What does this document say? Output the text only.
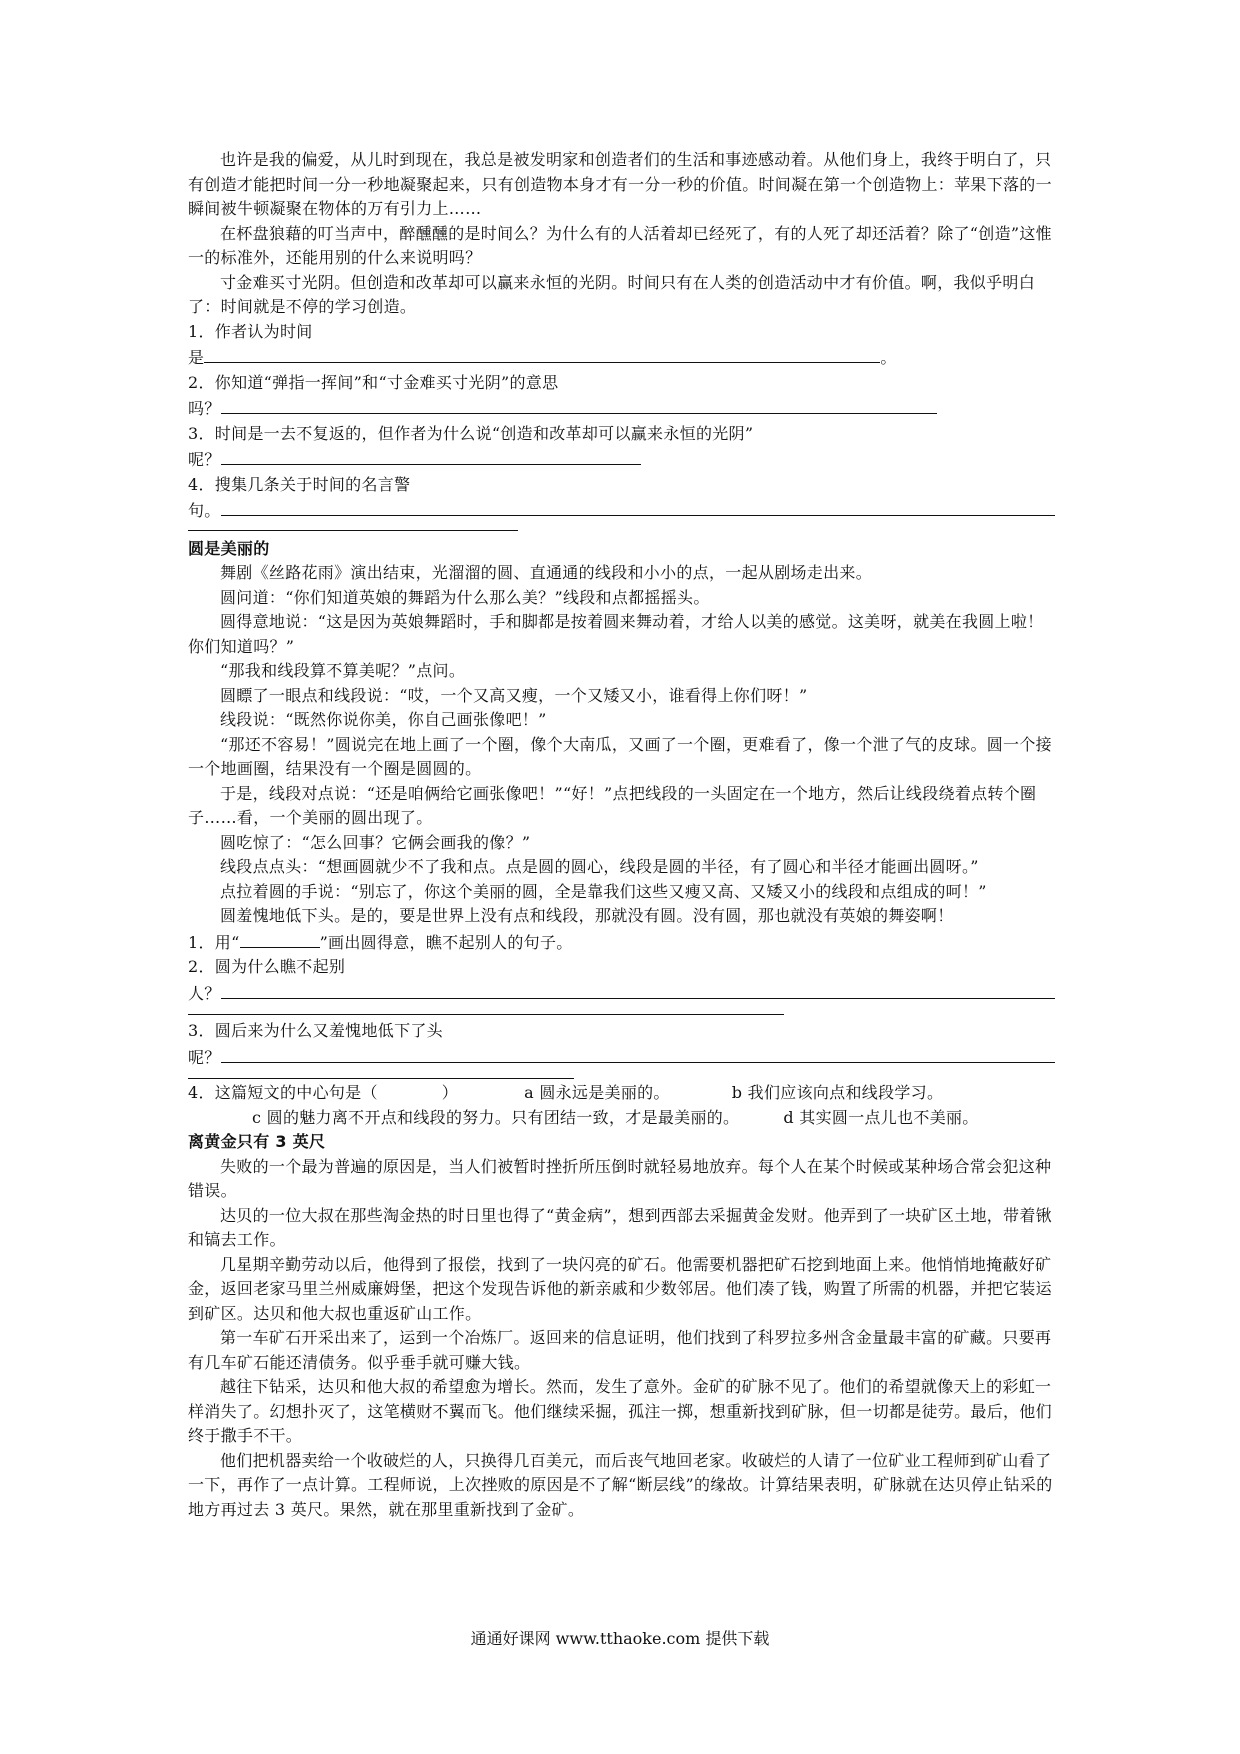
也许是我的偏爱，从儿时到现在，我总是被发明家和创造者们的生活和事迹感动着。从他们身上，我终于明白了，只有创造才能把时间一分一秒地凝聚起来，只有创造物本身才有一分一秒的价值。时间凝在第一个创造物上：苹果下落的一瞬间被牛顿凝聚在物体的万有引力上……

在杯盘狼藉的叮当声中，醉醺醺的是时间么？为什么有的人活着却已经死了，有的人死了却还活着？除了“创造”这惟一的标准外，还能用别的什么来说明吗？

寸金难买寸光阴。但创造和改革却可以赢来永恒的光阴。时间只有在人类的创造活动中才有价值。啊，我似乎明白了：时间就是不停的学习创造。

1．作者认为时间

是	。

2．你知道“弹指一挥间”和“寸金难买寸光阴”的意思

吗？

3．时间是一去不复返的，但作者为什么说“创造和改革却可以赢来永恒的光阴”

呢？

4．搜集几条关于时间的名言警

句。

圆是美丽的

舞剧《丝路花雨》演出结束，光溜溜的圆、直通通的线段和小小的点，一起从剧场走出来。

圆问道：“你们知道英娘的舞蹈为什么那么美？”线段和点都摇摇头。

圆得意地说：“这是因为英娘舞蹈时，手和脚都是按着圆来舞动着，才给人以美的感觉。这美呀，就美在我圆上啦！你们知道吗？”

“那我和线段算不算美呢？”点问。

圆瞟了一眼点和线段说：“哎，一个又高又瘦，一个又矮又小，谁看得上你们呀！”

线段说：“既然你说你美，你自己画张像吧！”

“那还不容易！”圆说完在地上画了一个圈，像个大南瓜，又画了一个圈，更难看了，像一个泄了气的皮球。圆一个接一个地画圈，结果没有一个圈是圆圆的。

于是，线段对点说：“还是咱俩给它画张像吧！”“好！”点把线段的一头固定在一个地方，然后让线段绕着点转个圈子……看，一个美丽的圆出现了。

圆吃惊了：“怎么回事？它俩会画我的像？”

线段点点头：“想画圆就少不了我和点。点是圆的圆心，线段是圆的半径，有了圆心和半径才能画出圆呀。”

点拉着圆的手说：“别忘了，你这个美丽的圆，全是靠我们这些又瘦又高、又矮又小的线段和点组成的呵！”

圆羞愧地低下头。是的，要是世界上没有点和线段，那就没有圆。没有圆，那也就没有英娘的舞姿啊！

1．用“	”画出圆得意，瞧不起别人的句子。

2．圆为什么瞧不起别

人？

3．圆后来为什么又羞愧地低下了头

呢？

4．这篇短文的中心句是（	）	a 圆永远是美丽的。	b 我们应该向点和线段学习。

c 圆的魅力离不开点和线段的努力。只有团结一致，才是最美丽的。	d 其实圆一点儿也不美丽。

离黄金只有 3 英尺

失败的一个最为普遍的原因是，当人们被暂时挫折所压倒时就轻易地放弃。每个人在某个时候或某种场合常会犯这种错误。

达贝的一位大叔在那些淘金热的时日里也得了“黄金病”，想到西部去采掘黄金发财。他弄到了一块矿区土地，带着锹和镐去工作。

几星期辛勤劳动以后，他得到了报偿，找到了一块闪亮的矿石。他需要机器把矿石挖到地面上来。他悄悄地掩蔽好矿金，返回老家马里兰州威廉姆堡，把这个发现告诉他的新亲戚和少数邻居。他们凑了钱，购置了所需的机器，并把它装运到矿区。达贝和他大叔也重返矿山工作。

第一车矿石开采出来了，运到一个冶炼厂。返回来的信息证明，他们找到了科罗拉多州含金量最丰富的矿藏。只要再有几车矿石能还清债务。似乎垂手就可赚大钱。

越往下钻采，达贝和他大叔的希望愈为增长。然而，发生了意外。金矿的矿脉不见了。他们的希望就像天上的彩虹一样消失了。幻想扑灭了，这笔横财不翼而飞。他们继续采掘，孤注一掷，想重新找到矿脉，但一切都是徒劳。最后，他们终于撒手不干。

他们把机器卖给一个收破烂的人，只换得几百美元，而后丧气地回老家。收破烂的人请了一位矿业工程师到矿山看了一下，再作了一点计算。工程师说，上次挫败的原因是不了解“断层线”的缘故。计算结果表明，矿脉就在达贝停止钻采的地方再过去 3 英尺。果然，就在那里重新找到了金矿。

通通好课网 www.tthaoke.com 提供下载
